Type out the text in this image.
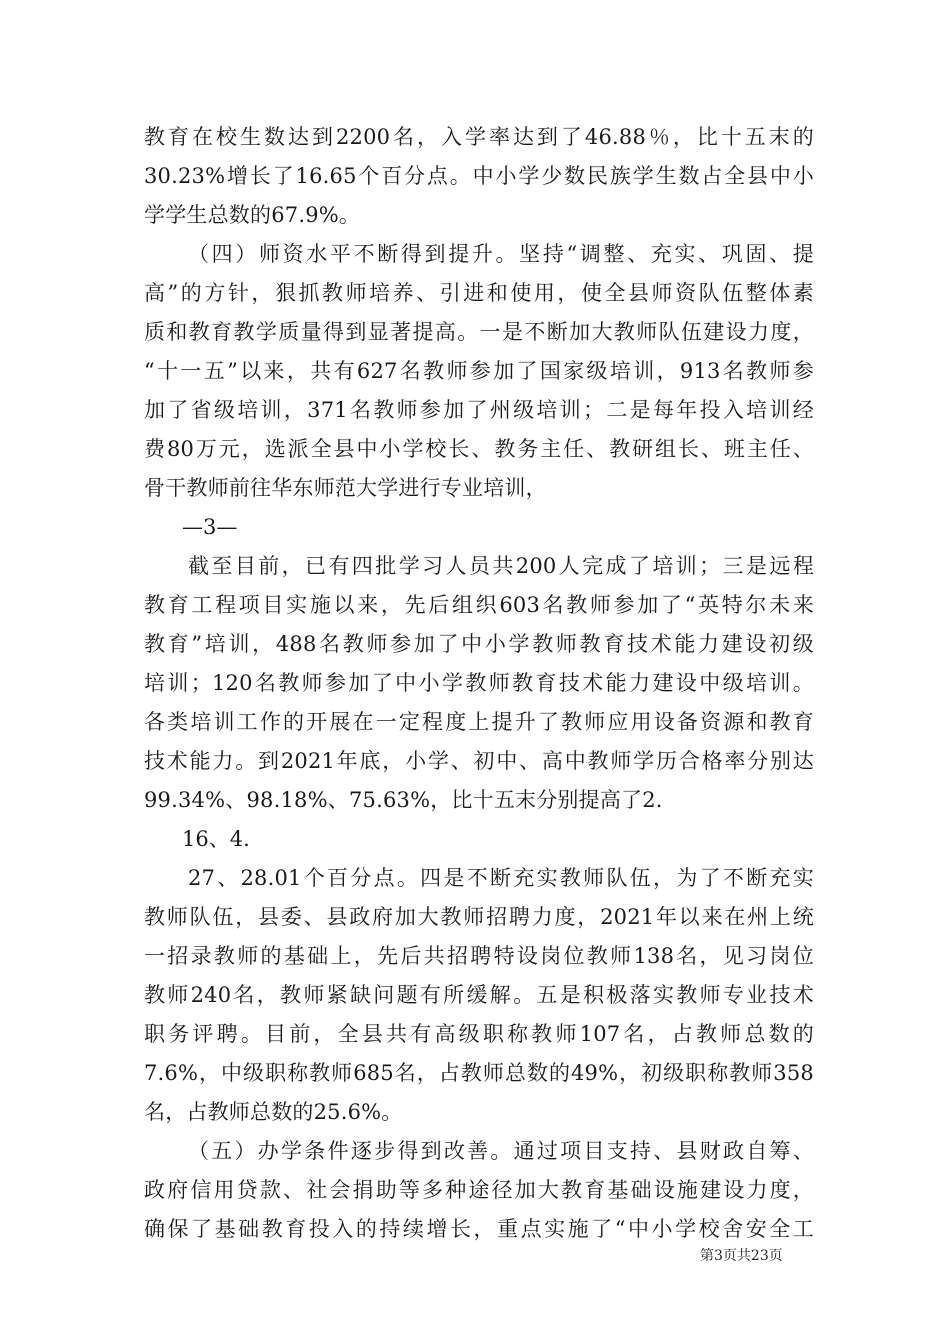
教育在校生数达到2200名，入学率达到了46.88％，比十五末的
30.23%增长了16.65个百分点。中小学少数民族学生数占全县中小
学学生总数的67.9%。
（四）师资水平不断得到提升。坚持“调整、充实、巩固、提
高”的方针，狠抓教师培养、引进和使用，使全县师资队伍整体素
质和教育教学质量得到显著提高。一是不断加大教师队伍建设力度，
“十一五”以来，共有627名教师参加了国家级培训，913名教师参
加了省级培训，371名教师参加了州级培训；二是每年投入培训经
费80万元，选派全县中小学校长、教务主任、教研组长、班主任、
骨干教师前往华东师范大学进行专业培训，
—3—
截至目前，已有四批学习人员共200人完成了培训；三是远程
教育工程项目实施以来，先后组织603名教师参加了“英特尔未来
教育”培训，488名教师参加了中小学教师教育技术能力建设初级
培训；120名教师参加了中小学教师教育技术能力建设中级培训。
各类培训工作的开展在一定程度上提升了教师应用设备资源和教育
技术能力。到2021年底，小学、初中、高中教师学历合格率分别达
99.34%、98.18%、75.63%，比十五末分别提高了2.
16、4.
27、28.01个百分点。四是不断充实教师队伍，为了不断充实
教师队伍，县委、县政府加大教师招聘力度，2021年以来在州上统
一招录教师的基础上，先后共招聘特设岗位教师138名，见习岗位
教师240名，教师紧缺问题有所缓解。五是积极落实教师专业技术
职务评聘。目前，全县共有高级职称教师107名，占教师总数的
7.6%，中级职称教师685名，占教师总数的49%，初级职称教师358
名，占教师总数的25.6%。
（五）办学条件逐步得到改善。通过项目支持、县财政自筹、
政府信用贷款、社会捐助等多种途径加大教育基础设施建设力度，
确保了基础教育投入的持续增长，重点实施了“中小学校舍安全工
第3页共23页
